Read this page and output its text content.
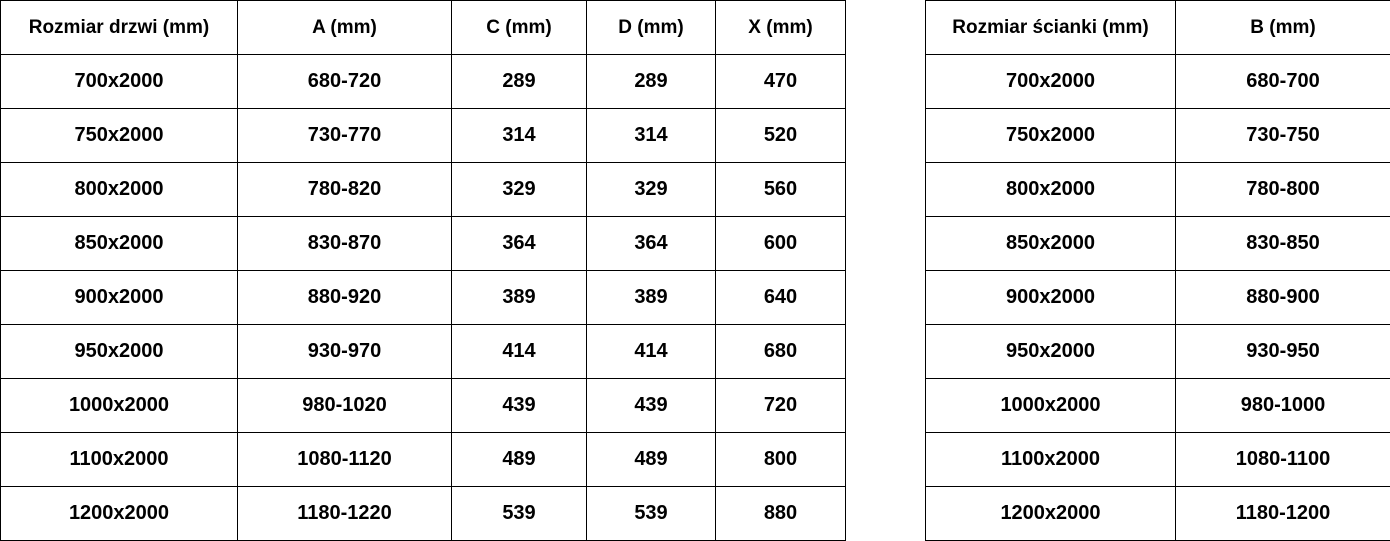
Rozmiar drzwi (mm)	A (mm)	C (mm)	D (mm)	X (mm)
700x2000	680-720	289	289	470
750x2000	730-770	314	314	520
800x2000	780-820	329	329	560
850x2000	830-870	364	364	600
900x2000	880-920	389	389	640
950x2000	930-970	414	414	680
1000x2000	980-1020	439	439	720
1100x2000	1080-1120	489	489	800
1200x2000	1180-1220	539	539	880
Rozmiar ścianki (mm)	B (mm)
700x2000	680-700
750x2000	730-750
800x2000	780-800
850x2000	830-850
900x2000	880-900
950x2000	930-950
1000x2000	980-1000
1100x2000	1080-1100
1200x2000	1180-1200
